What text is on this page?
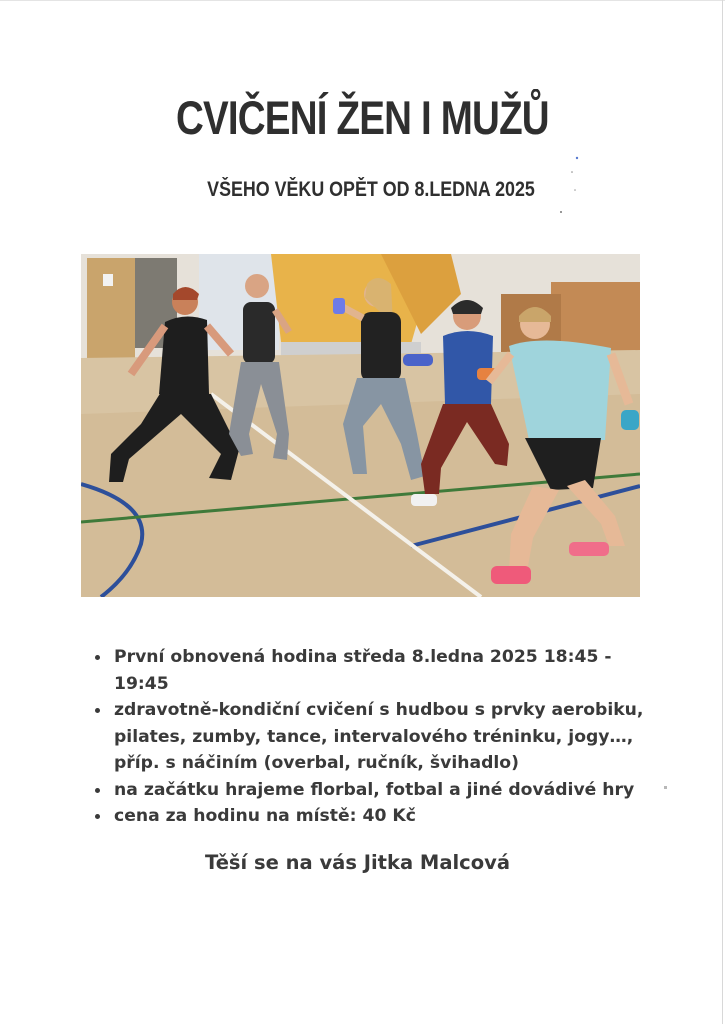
CVIČENÍ ŽEN I MUŽŮ
VŠEHO VĚKU OPĚT OD 8.LEDNA 2025
První obnovená hodina středa 8.ledna 2025 18:45 - 19:45
zdravotně-kondiční cvičení s hudbou s prvky aerobiku, pilates, zumby, tance, intervalového tréninku, jogy…, příp. s náčiním (overbal, ručník, švihadlo)
na začátku hrajeme florbal, fotbal a jiné dovádivé hry
cena za hodinu na místě: 40 Kč
Těší se na vás Jitka Malcová
